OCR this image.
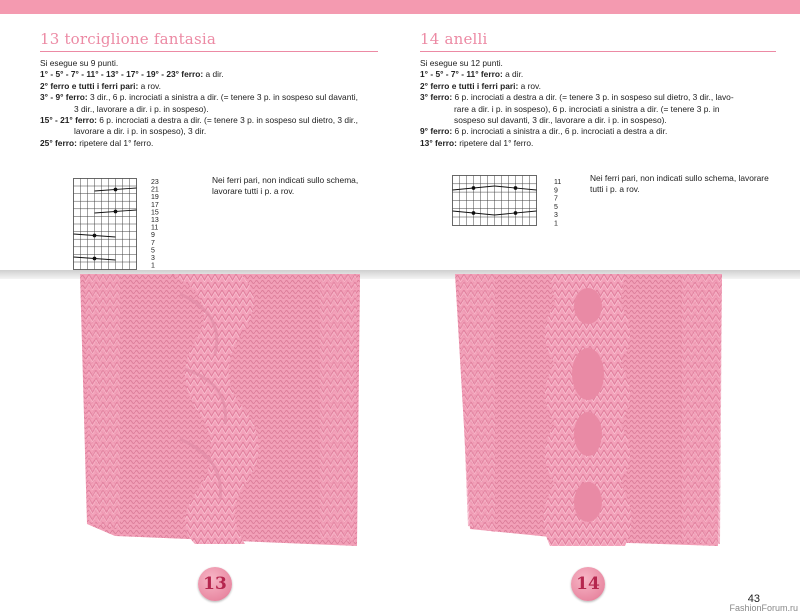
13 torciglione fantasia

Si esegue su 9 punti.

1° - 5° - 7° - 11° - 13° - 17° - 19° - 23° ferro: a dir.

2° ferro e tutti i ferri pari: a rov.

3° - 9° ferro: 3 dir., 6 p. incrociati a sinistra a dir. (= tenere 3 p. in sospeso sul davanti,

3 dir., lavorare a dir. i p. in sospeso).

15° - 21° ferro: 6 p. incrociati a destra a dir. (= tenere 3 p. in sospeso sul dietro, 3 dir.,

lavorare a dir. i p. in sospeso), 3 dir.

25° ferro: ripetere dal 1° ferro.

23
21
19
17
15
13
11
9
7
5
3
1
Nei ferri pari, non indicati sullo schema, lavorare tutti i p. a rov.
14 anelli

Si esegue su 12 punti.

1° - 5° - 7° - 11° ferro: a dir.

2° ferro e tutti i ferri pari: a rov.

3° ferro: 6 p. incrociati a destra a dir. (= tenere 3 p. in sospeso sul dietro, 3 dir., lavo-

rare a dir. i p. in sospeso), 6 p. incrociati a sinistra a dir. (= tenere 3 p. in

sospeso sul davanti, 3 dir., lavorare a dir. i p. in sospeso).

9° ferro: 6 p. incrociati a sinistra a dir., 6 p. incrociati a destra a dir.

13° ferro: ripetere dal 1° ferro.

11
9
7
5
3
1
Nei ferri pari, non indicati sullo schema, lavorare tutti i p. a rov.
13	14
43
FashionForum.ru
